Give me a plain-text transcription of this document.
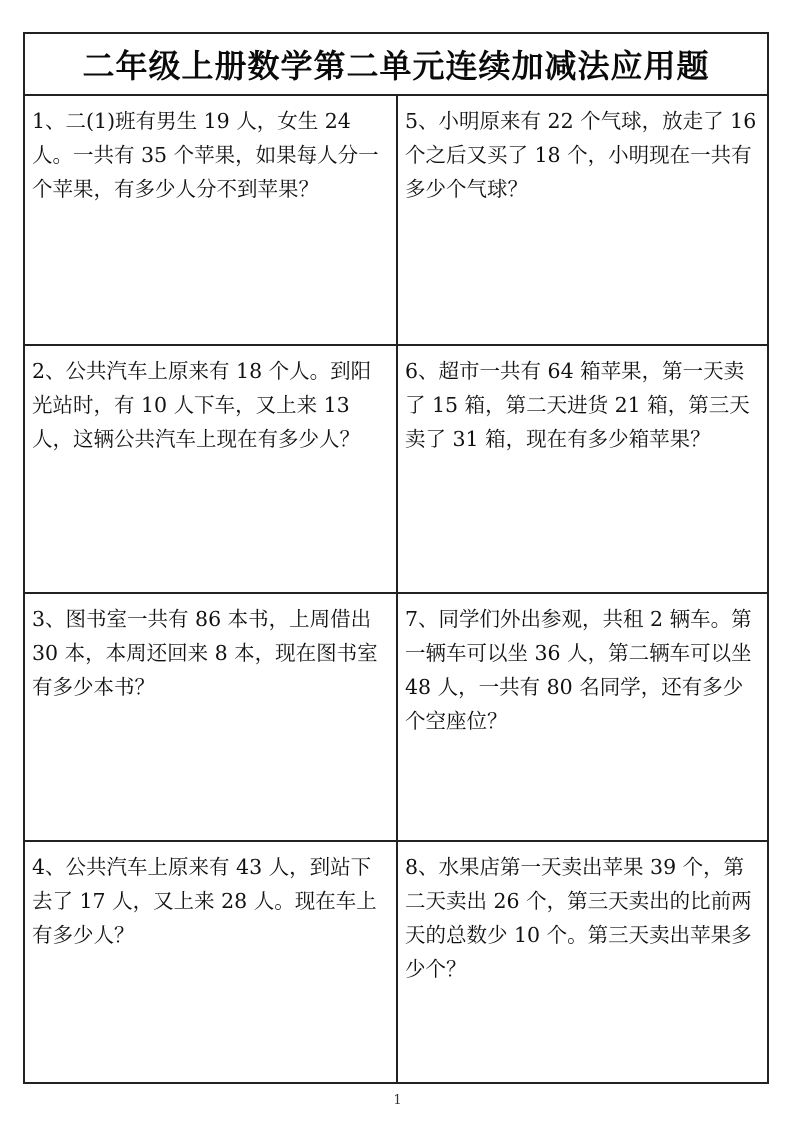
二年级上册数学第二单元连续加减法应用题

1、二(1)班有男生 19 人，女生 24 人。一共有 35 个苹果，如果每人分一个苹果，有多少人分不到苹果？

5、小明原来有 22 个气球，放走了 16 个之后又买了 18 个，小明现在一共有多少个气球？

2、公共汽车上原来有 18 个人。到阳光站时，有 10 人下车，又上来 13 人，这辆公共汽车上现在有多少人？

6、超市一共有 64 箱苹果，第一天卖了 15 箱，第二天进货 21 箱，第三天卖了 31 箱，现在有多少箱苹果？

3、图书室一共有 86 本书，上周借出 30 本，本周还回来 8 本，现在图书室有多少本书？

7、同学们外出参观，共租 2 辆车。第一辆车可以坐 36 人，第二辆车可以坐 48 人，一共有 80 名同学，还有多少个空座位？

4、公共汽车上原来有 43 人，到站下去了 17 人，又上来 28 人。现在车上有多少人？

8、水果店第一天卖出苹果 39 个，第二天卖出 26 个，第三天卖出的比前两天的总数少 10 个。第三天卖出苹果多少个？

1
